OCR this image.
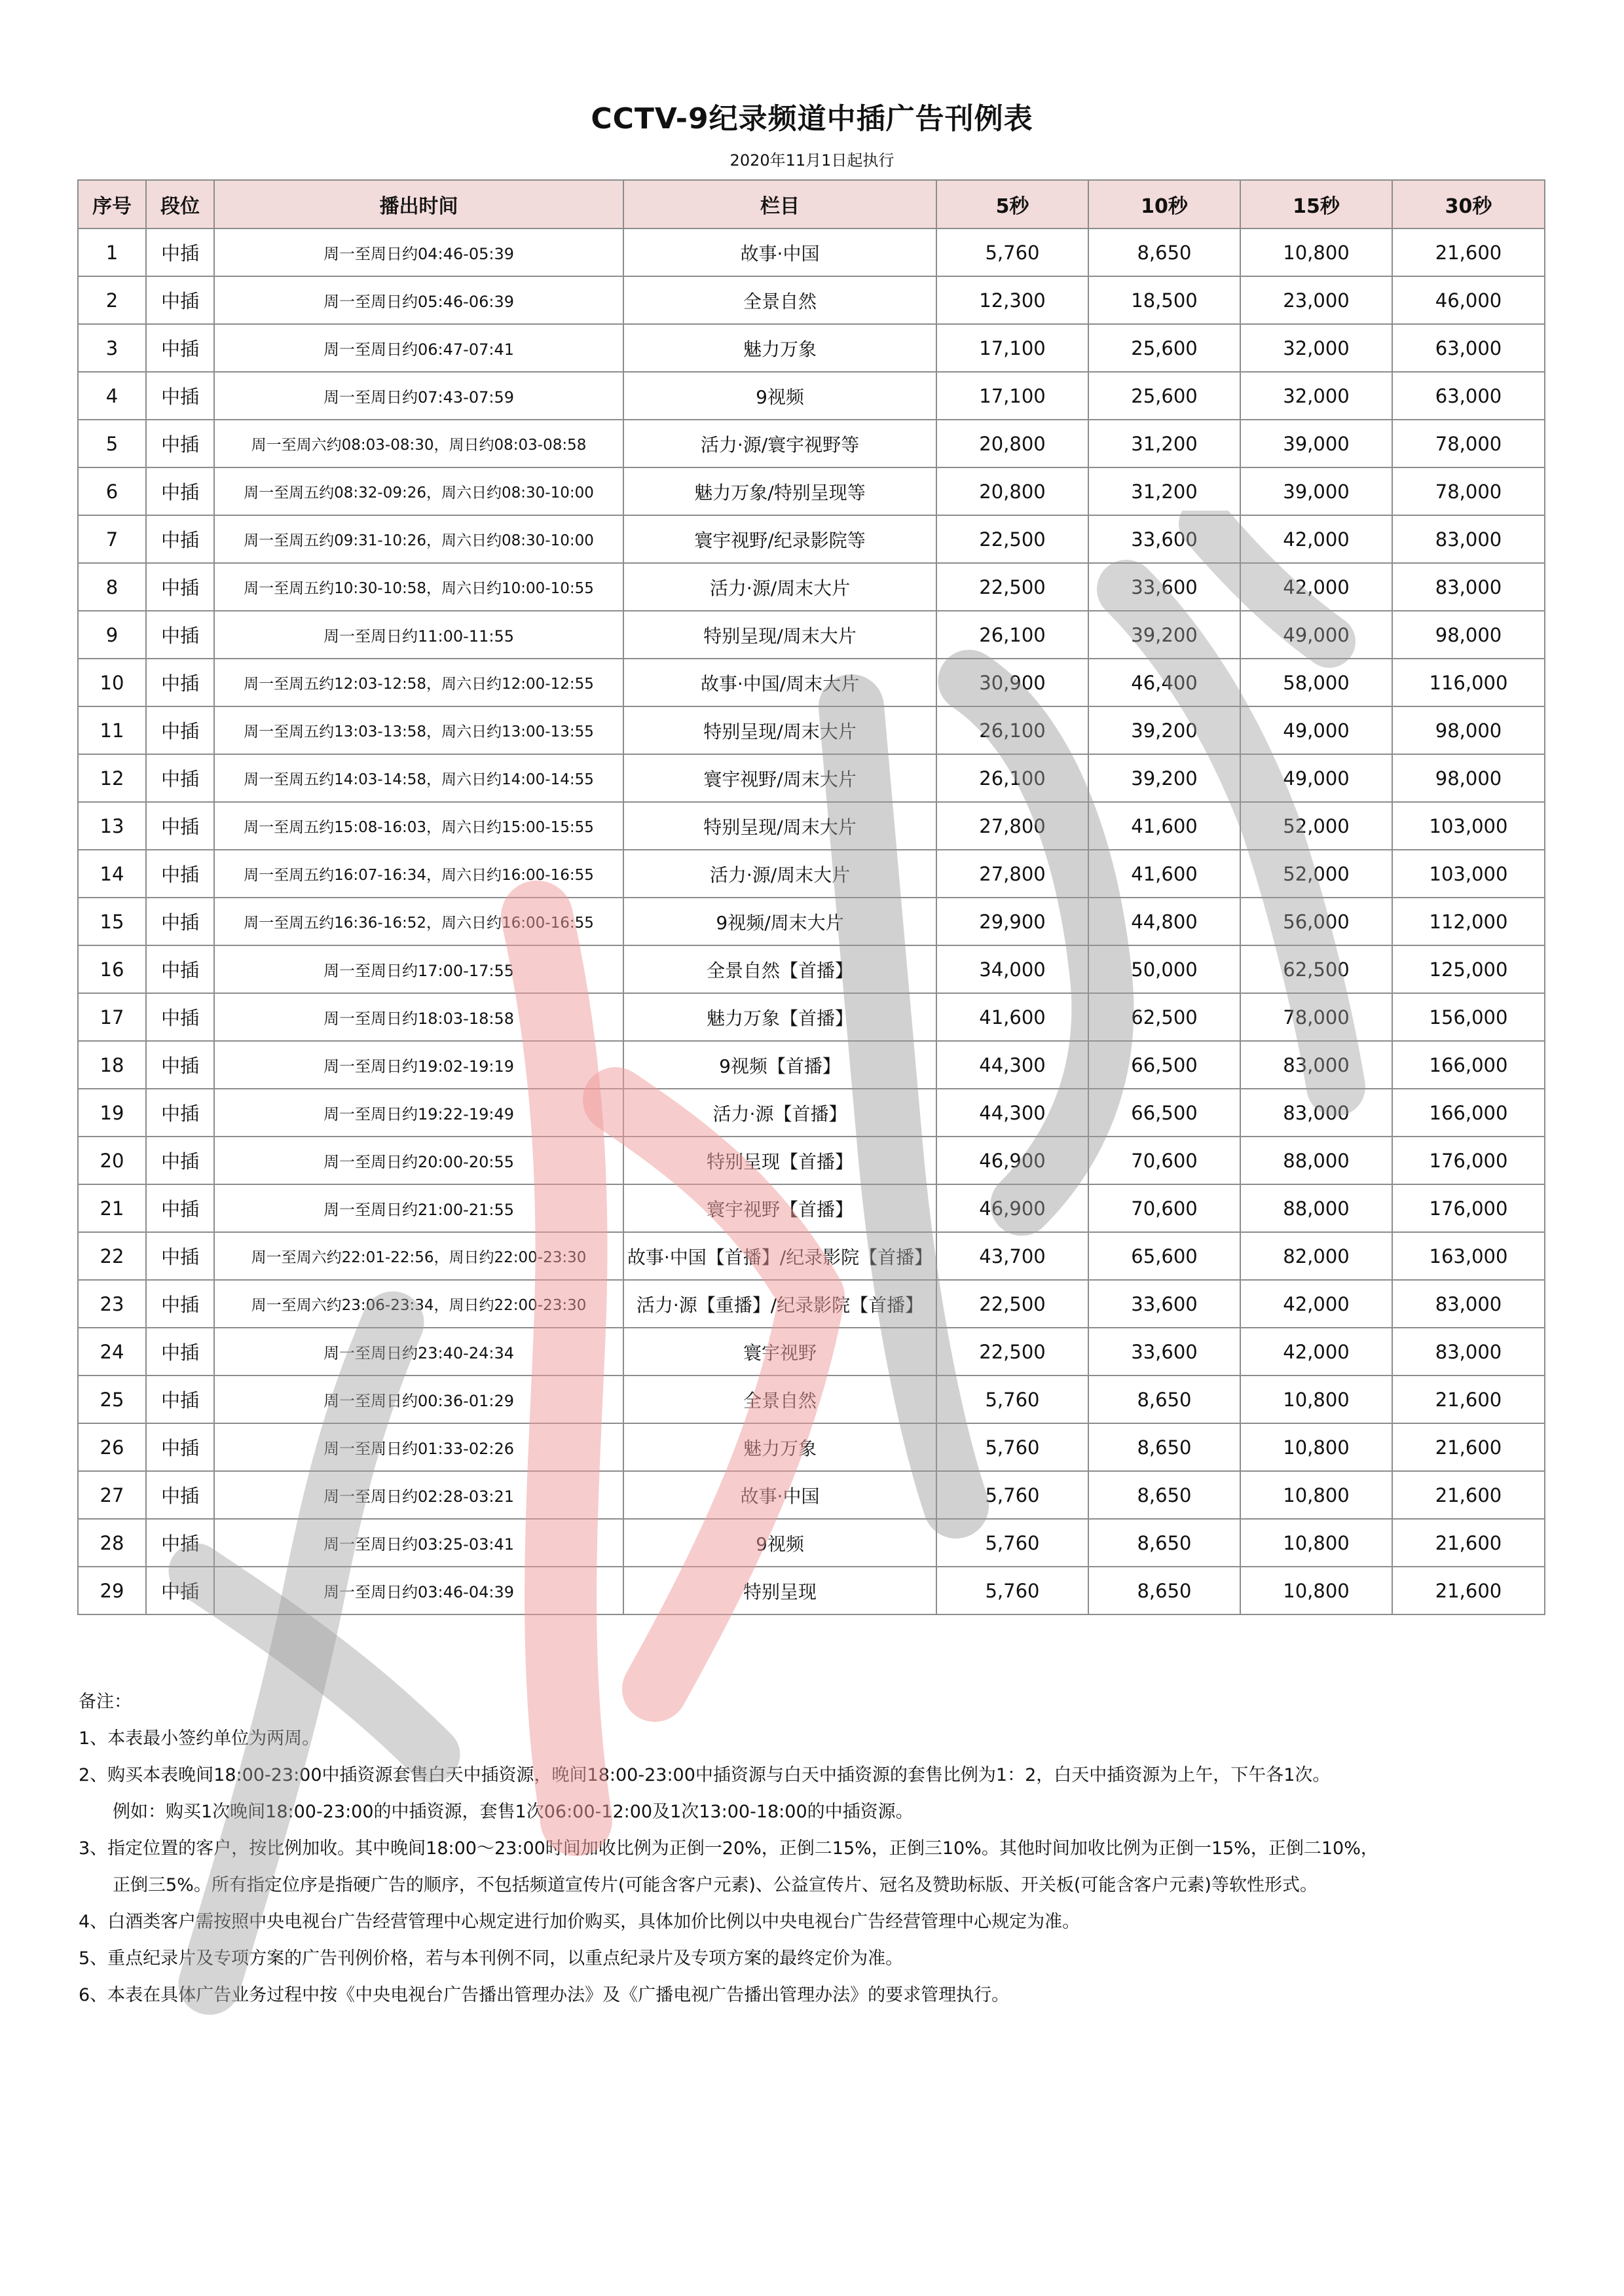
CCTV-9纪录频道中插广告刊例表
2020年11月1日起执行
序号	段位	播出时间	栏目	5秒	10秒	15秒	30秒
1	中插	周一至周日约04:46-05:39	故事·中国	5,760	8,650	10,800	21,600
2	中插	周一至周日约05:46-06:39	全景自然	12,300	18,500	23,000	46,000
3	中插	周一至周日约06:47-07:41	魅力万象	17,100	25,600	32,000	63,000
4	中插	周一至周日约07:43-07:59	9视频	17,100	25,600	32,000	63,000
5	中插	周一至周六约08:03-08:30，周日约08:03-08:58	活力·源/寰宇视野等	20,800	31,200	39,000	78,000
6	中插	周一至周五约08:32-09:26，周六日约08:30-10:00	魅力万象/特别呈现等	20,800	31,200	39,000	78,000
7	中插	周一至周五约09:31-10:26，周六日约08:30-10:00	寰宇视野/纪录影院等	22,500	33,600	42,000	83,000
8	中插	周一至周五约10:30-10:58，周六日约10:00-10:55	活力·源/周末大片	22,500	33,600	42,000	83,000
9	中插	周一至周日约11:00-11:55	特别呈现/周末大片	26,100	39,200	49,000	98,000
10	中插	周一至周五约12:03-12:58，周六日约12:00-12:55	故事·中国/周末大片	30,900	46,400	58,000	116,000
11	中插	周一至周五约13:03-13:58，周六日约13:00-13:55	特别呈现/周末大片	26,100	39,200	49,000	98,000
12	中插	周一至周五约14:03-14:58，周六日约14:00-14:55	寰宇视野/周末大片	26,100	39,200	49,000	98,000
13	中插	周一至周五约15:08-16:03，周六日约15:00-15:55	特别呈现/周末大片	27,800	41,600	52,000	103,000
14	中插	周一至周五约16:07-16:34，周六日约16:00-16:55	活力·源/周末大片	27,800	41,600	52,000	103,000
15	中插	周一至周五约16:36-16:52，周六日约16:00-16:55	9视频/周末大片	29,900	44,800	56,000	112,000
16	中插	周一至周日约17:00-17:55	全景自然【首播】	34,000	50,000	62,500	125,000
17	中插	周一至周日约18:03-18:58	魅力万象【首播】	41,600	62,500	78,000	156,000
18	中插	周一至周日约19:02-19:19	9视频【首播】	44,300	66,500	83,000	166,000
19	中插	周一至周日约19:22-19:49	活力·源【首播】	44,300	66,500	83,000	166,000
20	中插	周一至周日约20:00-20:55	特别呈现【首播】	46,900	70,600	88,000	176,000
21	中插	周一至周日约21:00-21:55	寰宇视野【首播】	46,900	70,600	88,000	176,000
22	中插	周一至周六约22:01-22:56，周日约22:00-23:30	故事·中国【首播】/纪录影院【首播】	43,700	65,600	82,000	163,000
23	中插	周一至周六约23:06-23:34，周日约22:00-23:30	活力·源【重播】/纪录影院【首播】	22,500	33,600	42,000	83,000
24	中插	周一至周日约23:40-24:34	寰宇视野	22,500	33,600	42,000	83,000
25	中插	周一至周日约00:36-01:29	全景自然	5,760	8,650	10,800	21,600
26	中插	周一至周日约01:33-02:26	魅力万象	5,760	8,650	10,800	21,600
27	中插	周一至周日约02:28-03:21	故事·中国	5,760	8,650	10,800	21,600
28	中插	周一至周日约03:25-03:41	9视频	5,760	8,650	10,800	21,600
29	中插	周一至周日约03:46-04:39	特别呈现	5,760	8,650	10,800	21,600
备注：
1、本表最小签约单位为两周。
2、购买本表晚间18:00-23:00中插资源套售白天中插资源，晚间18:00-23:00中插资源与白天中插资源的套售比例为1：2，白天中插资源为上午，下午各1次。
例如：购买1次晚间18:00-23:00的中插资源，套售1次06:00-12:00及1次13:00-18:00的中插资源。
3、指定位置的客户，按比例加收。其中晚间18:00～23:00时间加收比例为正倒一20%，正倒二15%，正倒三10%。其他时间加收比例为正倒一15%，正倒二10%，
正倒三5%。所有指定位序是指硬广告的顺序，不包括频道宣传片(可能含客户元素)、公益宣传片、冠名及赞助标版、开关板(可能含客户元素)等软性形式。
4、白酒类客户需按照中央电视台广告经营管理中心规定进行加价购买，具体加价比例以中央电视台广告经营管理中心规定为准。
5、重点纪录片及专项方案的广告刊例价格，若与本刊例不同，以重点纪录片及专项方案的最终定价为准。
6、本表在具体广告业务过程中按《中央电视台广告播出管理办法》及《广播电视广告播出管理办法》的要求管理执行。
